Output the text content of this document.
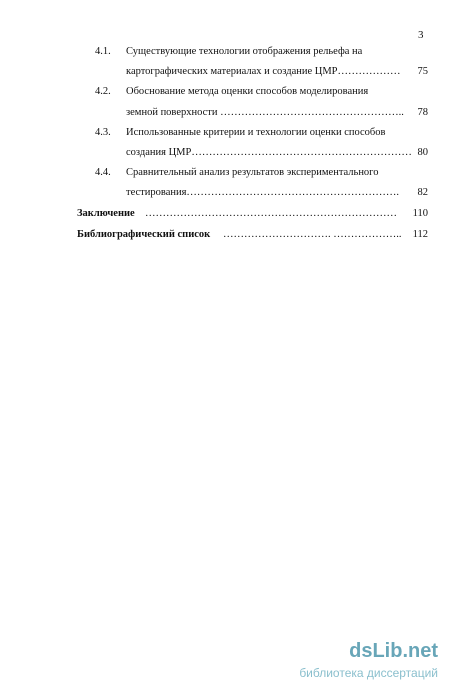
3
4.1. Существующие технологии отображения рельефа на
картографических материалах и создание ЦМР………………	75
4.2. Обоснование метода оценки способов моделирования
земной поверхности ……………………………………………..	78
4.3. Использованные критерии и технологии оценки способов
создания ЦМР……………………………………………………… 80
4.4. Сравнительный анализ результатов экспериментального
тестирования…………………………………………………….	82
Заключение ………………………………………………………………	110
Библиографический список …………………………. ………………..	112
dsLib.net
библиотека диссертаций
